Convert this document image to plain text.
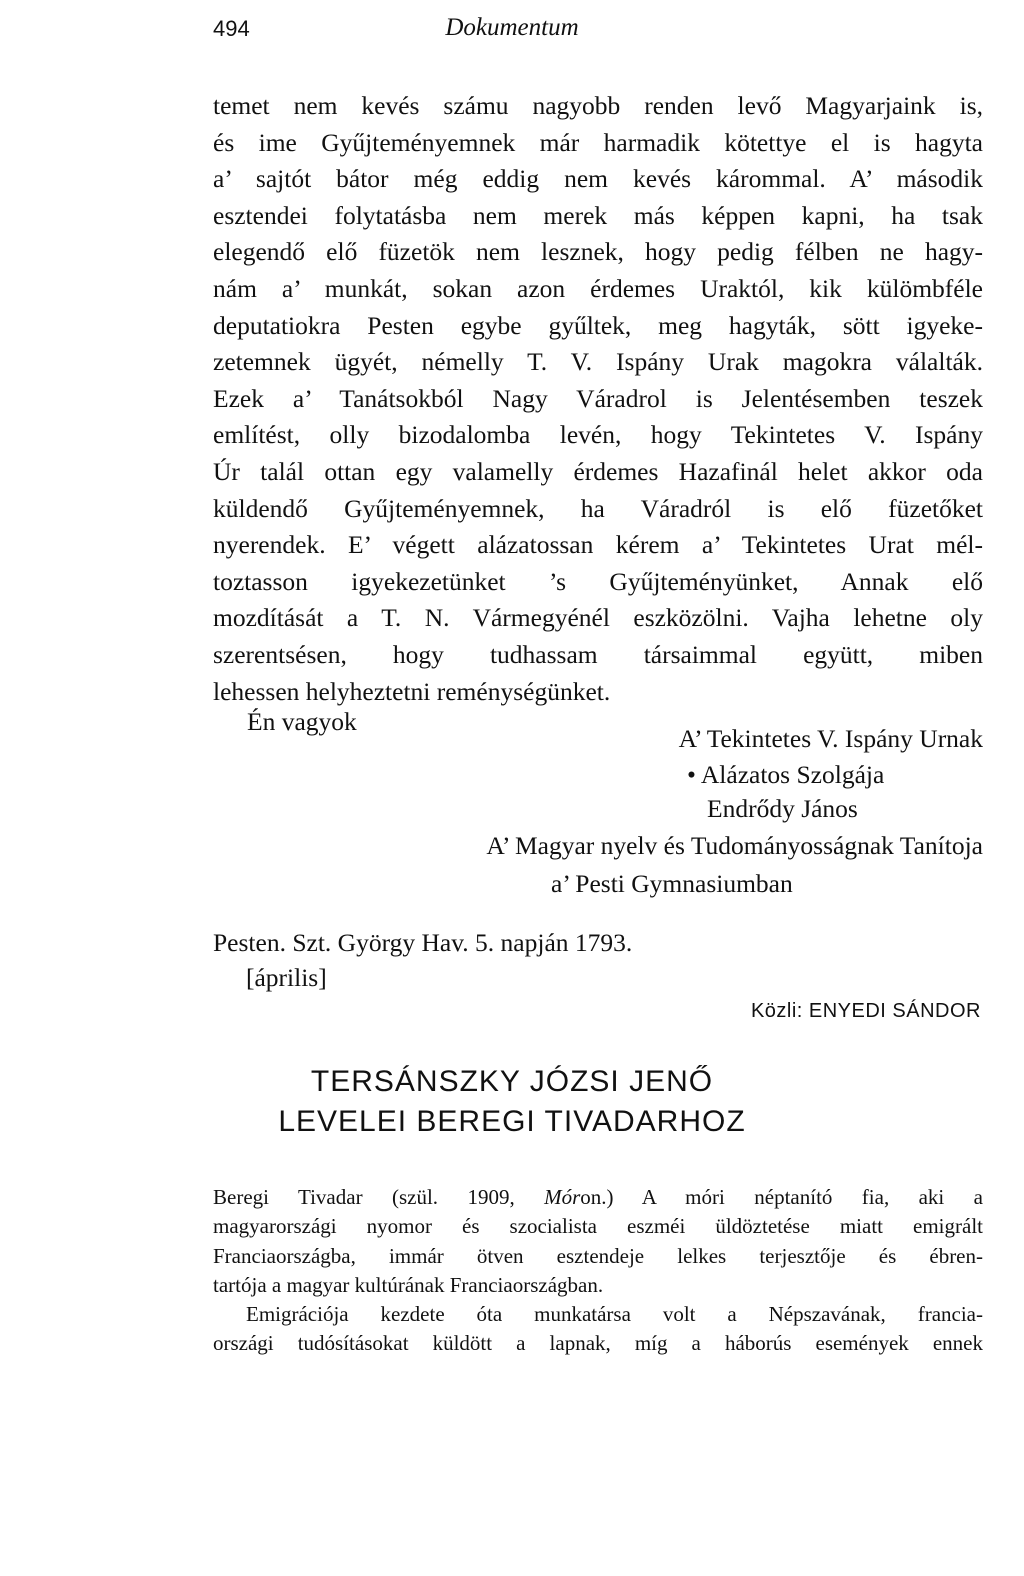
494	Dokumentum
temet nem kevés számu nagyobb renden levő Magyarjaink is,
és ime Gyűjteményemnek már harmadik kötettye el is hagyta
a’ sajtót bátor még eddig nem kevés kárommal. A’ második
esztendei folytatásba nem merek más képpen kapni, ha tsak
elegendő elő füzetök nem lesznek, hogy pedig félben ne hagy-
nám a’ munkát, sokan azon érdemes Uraktól, kik külömbféle
deputatiokra Pesten egybe gyűltek, meg hagyták, sött igyeke-
zetemnek ügyét, némelly T. V. Ispány Urak magokra válalták.
Ezek a’ Tanátsokból Nagy Váradrol is Jelentésemben teszek
említést, olly bizodalomba levén, hogy Tekintetes V. Ispány
Úr talál ottan egy valamelly érdemes Hazafinál helet akkor oda
küldendő Gyűjteményemnek, ha Váradról is elő füzetőket
nyerendek. E’ végett alázatossan kérem a’ Tekintetes Urat mél-
toztasson igyekezetünket ’s Gyűjteményünket, Annak elő
mozdítását a T. N. Vármegyénél eszközölni. Vajha lehetne oly
szerentsésen, hogy tudhassam társaimmal együtt, miben
lehessen helyheztetni reménységünket.
Én vagyok
A’ Tekintetes V. Ispány Urnak
• Alázatos Szolgája
Endrődy János
A’ Magyar nyelv és Tudományosságnak Tanítoja
a’ Pesti Gymnasiumban
Pesten. Szt. György Hav. 5. napján 1793.
[április]
Közli: ENYEDI SÁNDOR
TERSÁNSZKY JÓZSI JENŐ
LEVELEI BEREGI TIVADARHOZ
Beregi Tivadar (szül. 1909, Móron.) A móri néptanító fia, aki a
magyarországi nyomor és szocialista eszméi üldöztetése miatt emigrált
Franciaországba, immár ötven esztendeje lelkes terjesztője és ébren-
tartója a magyar kultúrának Franciaországban.
Emigrációja kezdete óta munkatársa volt a Népszavának, francia-
országi tudósításokat küldött a lapnak, míg a háborús események ennek
